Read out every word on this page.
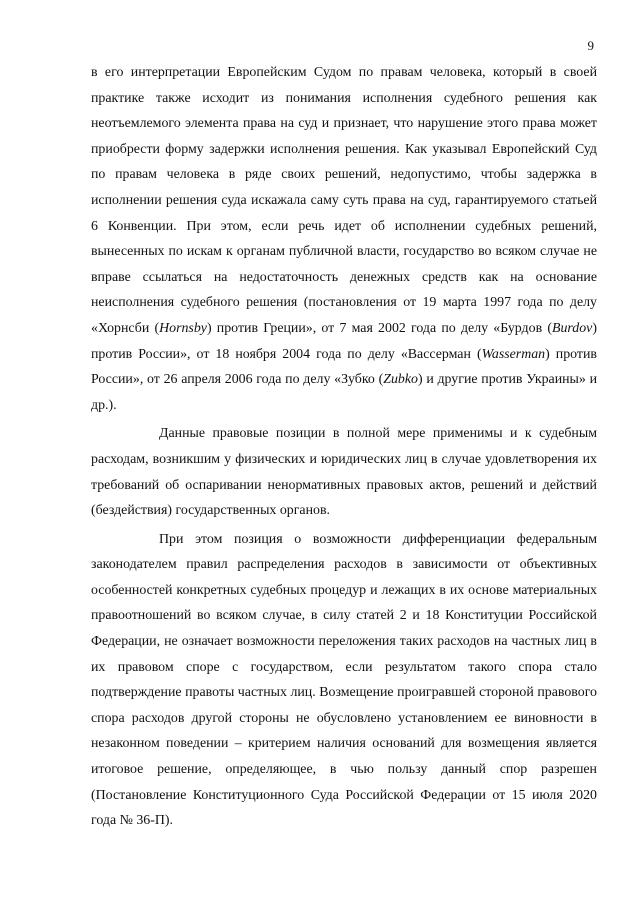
9

в его интерпретации Европейским Судом по правам человека, который в своей практике также исходит из понимания исполнения судебного решения как неотъемлемого элемента права на суд и признает, что нарушение этого права может приобрести форму задержки исполнения решения. Как указывал Европейский Суд по правам человека в ряде своих решений, недопустимо, чтобы задержка в исполнении решения суда искажала саму суть права на суд, гарантируемого статьей 6 Конвенции. При этом, если речь идет об исполнении судебных решений, вынесенных по искам к органам публичной власти, государство во всяком случае не вправе ссылаться на недостаточность денежных средств как на основание неисполнения судебного решения (постановления от 19 марта 1997 года по делу «Хорнсби (Hornsby) против Греции», от 7 мая 2002 года по делу «Бурдов (Burdov) против России», от 18 ноября 2004 года по делу «Вассерман (Wasserman) против России», от 26 апреля 2006 года по делу «Зубко (Zubko) и другие против Украины» и др.).

Данные правовые позиции в полной мере применимы и к судебным расходам, возникшим у физических и юридических лиц в случае удовлетворения их требований об оспаривании ненормативных правовых актов, решений и действий (бездействия) государственных органов.

При этом позиция о возможности дифференциации федеральным законодателем правил распределения расходов в зависимости от объективных особенностей конкретных судебных процедур и лежащих в их основе материальных правоотношений во всяком случае, в силу статей 2 и 18 Конституции Российской Федерации, не означает возможности переложения таких расходов на частных лиц в их правовом споре с государством, если результатом такого спора стало подтверждение правоты частных лиц. Возмещение проигравшей стороной правового спора расходов другой стороны не обусловлено установлением ее виновности в незаконном поведении – критерием наличия оснований для возмещения является итоговое решение, определяющее, в чью пользу данный спор разрешен (Постановление Конституционного Суда Российской Федерации от 15 июля 2020 года № 36-П).
